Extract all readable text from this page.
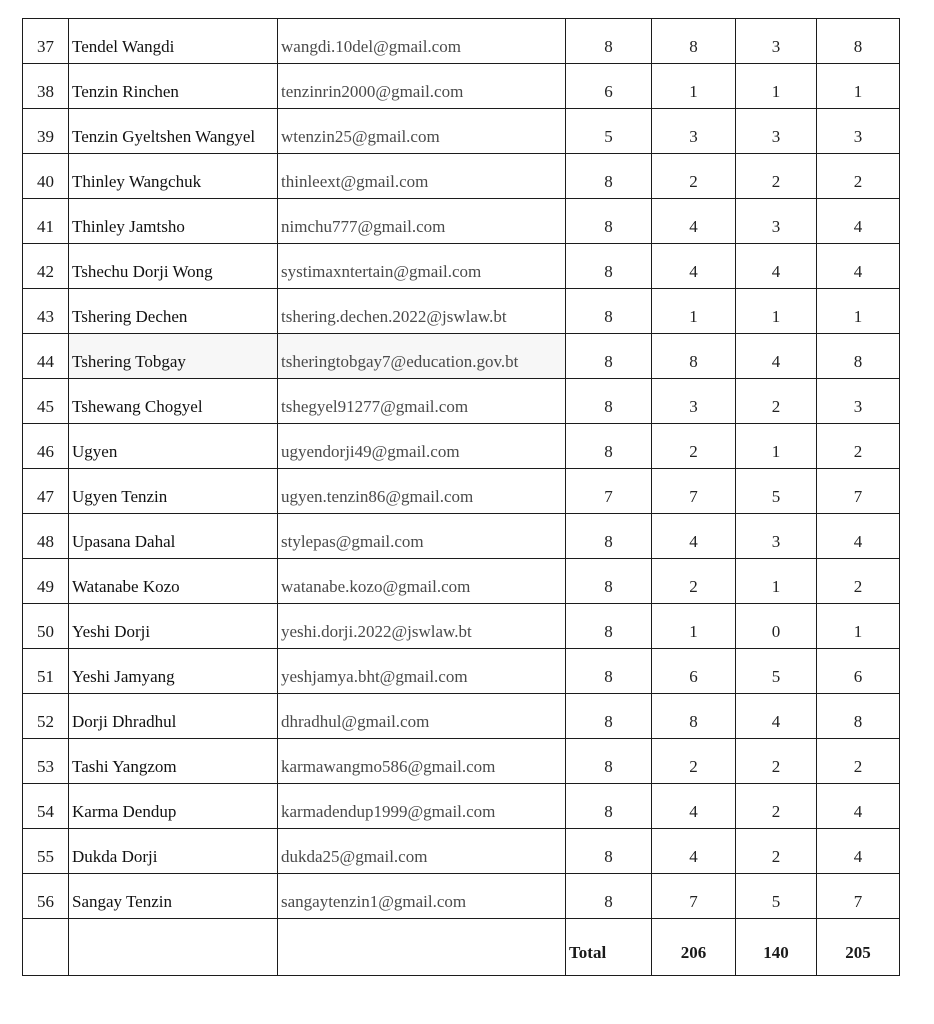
37	Tendel Wangdi	wangdi.10del@gmail.com	8	8	3	8
38	Tenzin Rinchen	tenzinrin2000@gmail.com	6	1	1	1
39	Tenzin Gyeltshen Wangyel	wtenzin25@gmail.com	5	3	3	3
40	Thinley Wangchuk	thinleext@gmail.com	8	2	2	2
41	Thinley Jamtsho	nimchu777@gmail.com	8	4	3	4
42	Tshechu Dorji Wong	systimaxntertain@gmail.com	8	4	4	4
43	Tshering Dechen	tshering.dechen.2022@jswlaw.bt	8	1	1	1
44	Tshering Tobgay	tsheringtobgay7@education.gov.bt	8	8	4	8
45	Tshewang Chogyel	tshegyel91277@gmail.com	8	3	2	3
46	Ugyen	ugyendorji49@gmail.com	8	2	1	2
47	Ugyen Tenzin	ugyen.tenzin86@gmail.com	7	7	5	7
48	Upasana Dahal	stylepas@gmail.com	8	4	3	4
49	Watanabe Kozo	watanabe.kozo@gmail.com	8	2	1	2
50	Yeshi Dorji	yeshi.dorji.2022@jswlaw.bt	8	1	0	1
51	Yeshi Jamyang	yeshjamya.bht@gmail.com	8	6	5	6
52	Dorji Dhradhul	dhradhul@gmail.com	8	8	4	8
53	Tashi Yangzom	karmawangmo586@gmail.com	8	2	2	2
54	Karma Dendup	karmadendup1999@gmail.com	8	4	2	4
55	Dukda Dorji	dukda25@gmail.com	8	4	2	4
56	Sangay Tenzin	sangaytenzin1@gmail.com	8	7	5	7
			Total	206	140	205
